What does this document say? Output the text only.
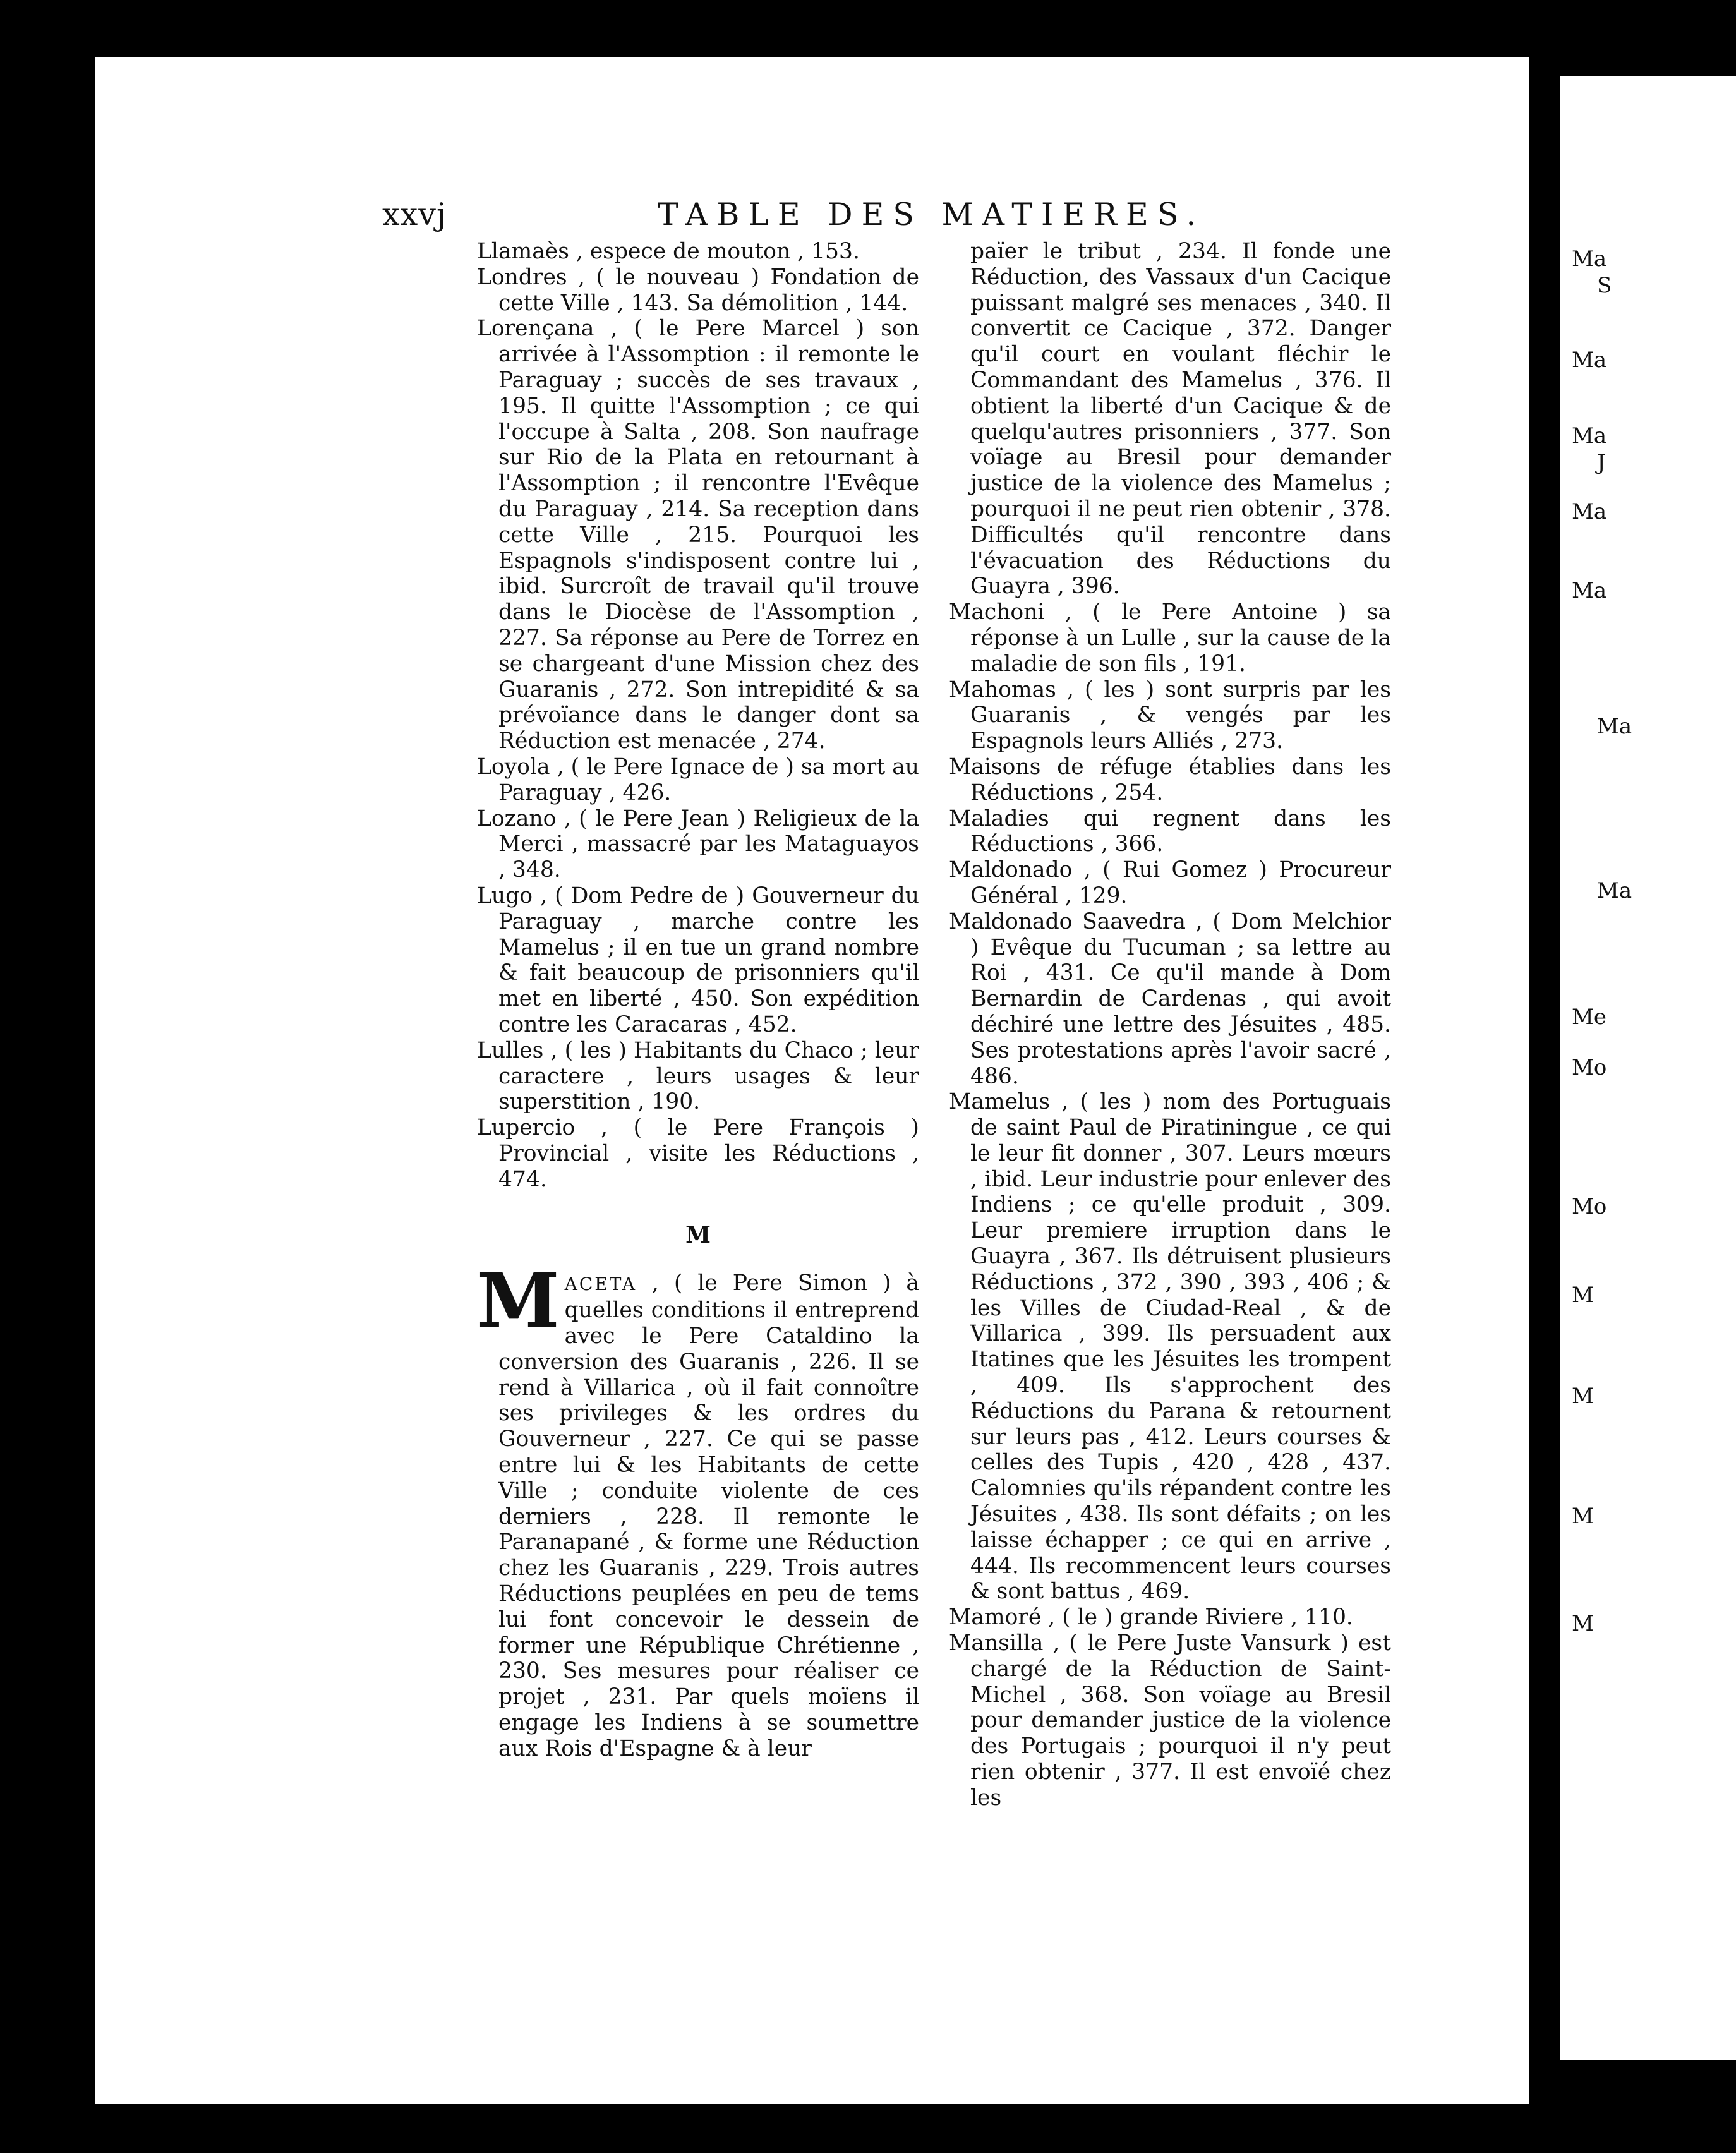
xxvj	TABLE DES MATIERES.

Llamaès , espece de mouton , 153.

Londres , ( le nouveau ) Fondation de cette Ville , 143. Sa démolition , 144.

Lorençana , ( le Pere Marcel ) son arrivée à l'Assomption : il remonte le Paraguay ; succès de ses travaux , 195. Il quitte l'Assomption ; ce qui l'occupe à Salta , 208. Son naufrage sur Rio de la Plata en retournant à l'Assomption ; il rencontre l'Evêque du Paraguay , 214. Sa reception dans cette Ville , 215. Pourquoi les Espagnols s'indisposent contre lui , ibid. Surcroît de travail qu'il trouve dans le Diocèse de l'Assomption , 227. Sa réponse au Pere de Torrez en se chargeant d'une Mission chez des Guaranis , 272. Son intrepidité & sa prévoïance dans le danger dont sa Réduction est menacée , 274.

Loyola , ( le Pere Ignace de ) sa mort au Paraguay , 426.

Lozano , ( le Pere Jean ) Religieux de la Merci , massacré par les Mataguayos , 348.

Lugo , ( Dom Pedre de ) Gouverneur du Paraguay , marche contre les Mamelus ; il en tue un grand nombre & fait beaucoup de prisonniers qu'il met en liberté , 450. Son expédition contre les Caracaras , 452.

Lulles , ( les ) Habitants du Chaco ; leur caractere , leurs usages & leur superstition , 190.

Lupercio , ( le Pere François ) Provincial , visite les Réductions , 474.

M

MACETA , ( le Pere Simon ) à quelles conditions il entreprend avec le Pere Cataldino la conversion des Guaranis , 226. Il se rend à Villarica , où il fait connoître ses privileges & les ordres du Gouverneur , 227. Ce qui se passe entre lui & les Habitants de cette Ville ; conduite violente de ces derniers , 228. Il remonte le Paranapané , & forme une Réduction chez les Guaranis , 229. Trois autres Réductions peuplées en peu de tems lui font concevoir le dessein de former une République Chrétienne , 230. Ses mesures pour réaliser ce projet , 231. Par quels moïens il engage les Indiens à se soumettre aux Rois d'Espagne & à leur

païer le tribut , 234. Il fonde une Réduction, des Vassaux d'un Cacique puissant malgré ses menaces , 340. Il convertit ce Cacique , 372. Danger qu'il court en voulant fléchir le Commandant des Mamelus , 376. Il obtient la liberté d'un Cacique & de quelqu'autres prisonniers , 377. Son voïage au Bresil pour demander justice de la violence des Mamelus ; pourquoi il ne peut rien obtenir , 378. Difficultés qu'il rencontre dans l'évacuation des Réductions du Guayra , 396.

Machoni , ( le Pere Antoine ) sa réponse à un Lulle , sur la cause de la maladie de son fils , 191.

Mahomas , ( les ) sont surpris par les Guaranis , & vengés par les Espagnols leurs Alliés , 273.

Maisons de réfuge établies dans les Réductions , 254.

Maladies qui regnent dans les Réductions , 366.

Maldonado , ( Rui Gomez ) Procureur Général , 129.

Maldonado Saavedra , ( Dom Melchior ) Evêque du Tucuman ; sa lettre au Roi , 431. Ce qu'il mande à Dom Bernardin de Cardenas , qui avoit déchiré une lettre des Jésuites , 485. Ses protestations après l'avoir sacré , 486.

Mamelus , ( les ) nom des Portuguais de saint Paul de Piratiningue , ce qui le leur fit donner , 307. Leurs mœurs , ibid. Leur industrie pour enlever des Indiens ; ce qu'elle produit , 309. Leur premiere irruption dans le Guayra , 367. Ils détruisent plusieurs Réductions , 372 , 390 , 393 , 406 ; & les Villes de Ciudad-Real , & de Villarica , 399. Ils persuadent aux Itatines que les Jésuites les trompent , 409. Ils s'approchent des Réductions du Parana & retournent sur leurs pas , 412. Leurs courses & celles des Tupis , 420 , 428 , 437. Calomnies qu'ils répandent contre les Jésuites , 438. Ils sont défaits ; on les laisse échapper ; ce qui en arrive , 444. Ils recommencent leurs courses & sont battus , 469.

Mamoré , ( le ) grande Riviere , 110.

Mansilla , ( le Pere Juste Vansurk ) est chargé de la Réduction de Saint-Michel , 368. Son voïage au Bresil pour demander justice de la violence des Portugais ; pourquoi il n'y peut rien obtenir , 377. Il est envoïé chez les

Ma
S
Ma
Ma
J
Ma
Ma
Ma
Ma
Me
Mo
Mo
M
M
M
M
